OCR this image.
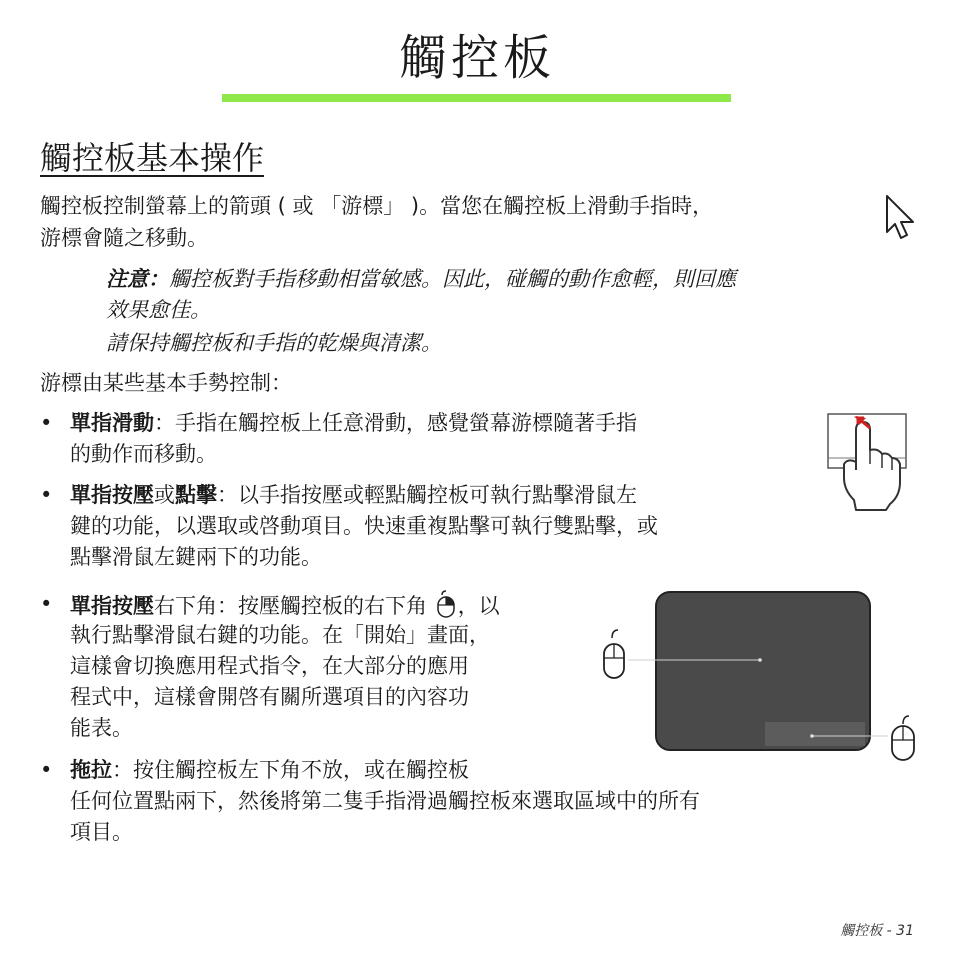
觸控板
觸控板基本操作
觸控板控制螢幕上的箭頭 ( 或 「游標」 )。當您在觸控板上滑動手指時，
游標會隨之移動。
注意：觸控板對手指移動相當敏感。因此，碰觸的動作愈輕，則回應
效果愈佳。
請保持觸控板和手指的乾燥與清潔。
游標由某些基本手勢控制：
• 單指滑動：手指在觸控板上任意滑動，感覺螢幕游標隨著手指
的動作而移動。
• 單指按壓或點擊：以手指按壓或輕點觸控板可執行點擊滑鼠左
鍵的功能，以選取或啓動項目。快速重複點擊可執行雙點擊，或
點擊滑鼠左鍵兩下的功能。
• 單指按壓右下角：按壓觸控板的右下角 ，以
執行點擊滑鼠右鍵的功能。在「開始」畫面，
這樣會切換應用程式指令，在大部分的應用
程式中，這樣會開啓有關所選項目的內容功
能表。
• 拖拉：按住觸控板左下角不放，或在觸控板
任何位置點兩下，然後將第二隻手指滑過觸控板來選取區域中的所有
項目。
觸控板 - 31
